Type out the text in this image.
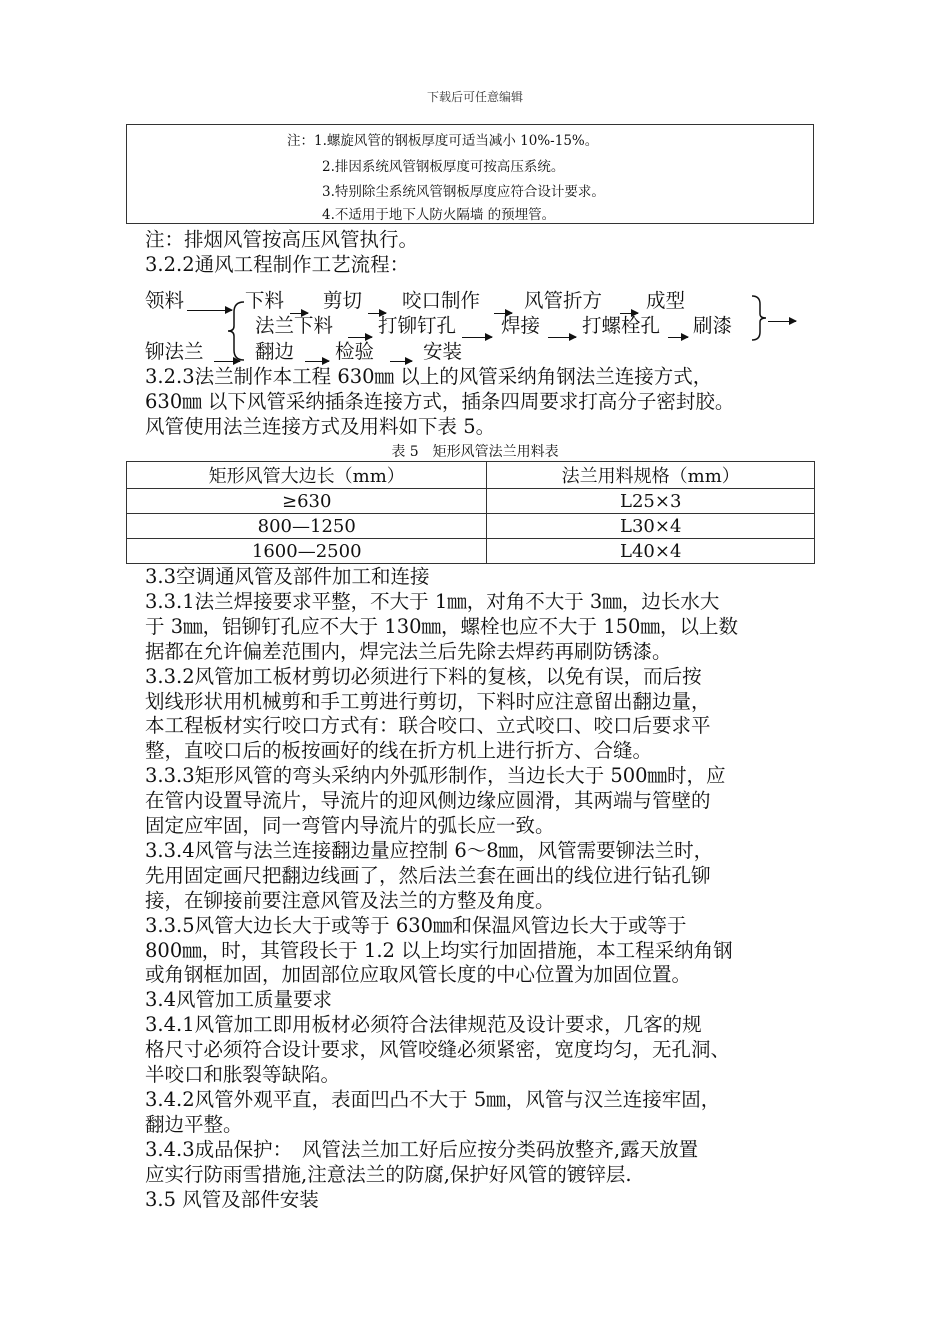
下载后可任意编辑
注：1.螺旋风管的钢板厚度可适当减小 10%-15%。
2.排因系统风管钢板厚度可按高压系统。
3.特别除尘系统风管钢板厚度应符合设计要求。
4.不适用于地下人防火隔墙 的预埋管。
注：排烟风管按高压风管执行。
3.2.2通风工程制作工艺流程：
领料	下料 剪切 咬口制作 风管折方 成型
法兰下料 打铆钉孔 焊接 打螺栓孔 刷漆
铆法兰	翻边 检验	安装
3.2.3法兰制作本工程 630㎜ 以上的风管采纳角钢法兰连接方式，
630㎜ 以下风管采纳插条连接方式，插条四周要求打高分子密封胶。
风管使用法兰连接方式及用料如下表 5。
表 5　矩形风管法兰用料表
矩形风管大边长（mm）	法兰用料规格（mm）
≥630	L25×3
800—1250	L30×4
1600—2500	L40×4
3.3空调通风管及部件加工和连接
3.3.1法兰焊接要求平整，不大于 1㎜，对角不大于 3㎜，边长水大
于 3㎜，铝铆钉孔应不大于 130㎜，螺栓也应不大于 150㎜，以上数
据都在允许偏差范围内，焊完法兰后先除去焊药再刷防锈漆。
3.3.2风管加工板材剪切必须进行下料的复核，以免有误，而后按
划线形状用机械剪和手工剪进行剪切，下料时应注意留出翻边量，
本工程板材实行咬口方式有：联合咬口、立式咬口、咬口后要求平
整，直咬口后的板按画好的线在折方机上进行折方、合缝。
3.3.3矩形风管的弯头采纳内外弧形制作，当边长大于 500㎜时，应
在管内设置导流片，导流片的迎风侧边缘应圆滑，其两端与管壁的
固定应牢固，同一弯管内导流片的弧长应一致。
3.3.4风管与法兰连接翻边量应控制 6～8㎜，风管需要铆法兰时，
先用固定画尺把翻边线画了，然后法兰套在画出的线位进行钻孔铆
接，在铆接前要注意风管及法兰的方整及角度。
3.3.5风管大边长大于或等于 630㎜和保温风管边长大于或等于
800㎜，时，其管段长于 1.2 以上均实行加固措施，本工程采纳角钢
或角钢框加固，加固部位应取风管长度的中心位置为加固位置。
3.4风管加工质量要求
3.4.1风管加工即用板材必须符合法律规范及设计要求，几客的规
格尺寸必须符合设计要求，风管咬缝必须紧密，宽度均匀，无孔洞、
半咬口和胀裂等缺陷。
3.4.2风管外观平直，表面凹凸不大于 5㎜，风管与汉兰连接牢固，
翻边平整。
3.4.3成品保护：　风管法兰加工好后应按分类码放整齐,露天放置
应实行防雨雪措施,注意法兰的防腐,保护好风管的镀锌层.
3.5 风管及部件安装
